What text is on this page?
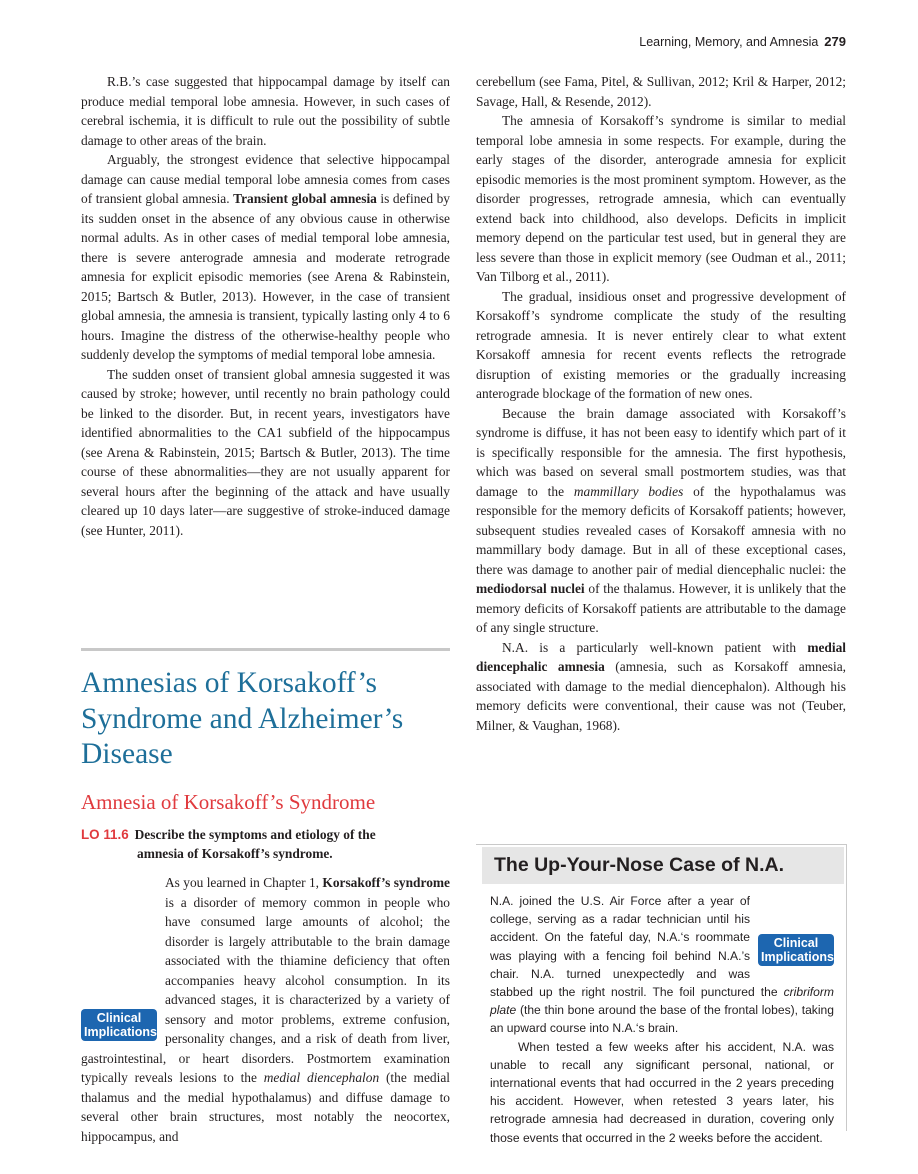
Learning, Memory, and Amnesia 279

R.B.’s case suggested that hippocampal damage by itself can produce medial temporal lobe amnesia. However, in such cases of cerebral ischemia, it is difficult to rule out the possibility of subtle damage to other areas of the brain.

Arguably, the strongest evidence that selective hippocampal damage can cause medial temporal lobe amnesia comes from cases of transient global amnesia. Transient global amnesia is defined by its sudden onset in the absence of any obvious cause in otherwise normal adults. As in other cases of medial temporal lobe amnesia, there is severe anterograde amnesia and moderate retrograde amnesia for explicit episodic memories (see Arena & Rabinstein, 2015; Bartsch & Butler, 2013). However, in the case of transient global amnesia, the amnesia is transient, typically lasting only 4 to 6 hours. Imagine the distress of the otherwise-healthy people who suddenly develop the symptoms of medial temporal lobe amnesia.

The sudden onset of transient global amnesia suggested it was caused by stroke; however, until recently no brain pathology could be linked to the disorder. But, in recent years, investigators have identified abnormalities to the CA1 subfield of the hippocampus (see Arena & Rabinstein, 2015; Bartsch & Butler, 2013). The time course of these abnormalities—they are not usually apparent for several hours after the beginning of the attack and have usually cleared up 10 days later—are suggestive of stroke-induced damage (see Hunter, 2011).

Amnesias of Korsakoff’s Syndrome and Alzheimer’s Disease
Amnesia of Korsakoff’s Syndrome
LO 11.6 Describe the symptoms and etiology of the
amnesia of Korsakoff’s syndrome.

As you learned in Chapter 1, Korsakoff’s syndrome
Clinical
Implications
is a disorder of memory common in people who have consumed large amounts of alcohol; the disorder is largely attributable to the brain damage associated with the thiamine deficiency that often accompanies heavy alcohol consumption. In its advanced stages, it is characterized by a variety of sensory and motor problems, extreme confusion, personality changes, and a risk of death from liver, gastrointestinal, or heart disorders. Postmortem examination typically reveals lesions to the medial diencephalon (the medial thalamus and the medial hypothalamus) and diffuse damage to several other brain structures, most notably the neocortex, hippocampus, and

cerebellum (see Fama, Pitel, & Sullivan, 2012; Kril & Harper, 2012; Savage, Hall, & Resende, 2012).

The amnesia of Korsakoff’s syndrome is similar to medial temporal lobe amnesia in some respects. For example, during the early stages of the disorder, anterograde amnesia for explicit episodic memories is the most prominent symptom. However, as the disorder progresses, retrograde amnesia, which can eventually extend back into childhood, also develops. Deficits in implicit memory depend on the particular test used, but in general they are less severe than those in explicit memory (see Oudman et al., 2011; Van Tilborg et al., 2011).

The gradual, insidious onset and progressive development of Korsakoff’s syndrome complicate the study of the resulting retrograde amnesia. It is never entirely clear to what extent Korsakoff amnesia for recent events reflects the retrograde disruption of existing memories or the gradually increasing anterograde blockage of the formation of new ones.

Because the brain damage associated with Korsakoff’s syndrome is diffuse, it has not been easy to identify which part of it is specifically responsible for the amnesia. The first hypothesis, which was based on several small postmortem studies, was that damage to the mammillary bodies of the hypothalamus was responsible for the memory deficits of Korsakoff patients; however, subsequent studies revealed cases of Korsakoff amnesia with no mammillary body damage. But in all of these exceptional cases, there was damage to another pair of medial diencephalic nuclei: the mediodorsal nuclei of the thalamus. However, it is unlikely that the memory deficits of Korsakoff patients are attributable to the damage of any single structure.

N.A. is a particularly well-known patient with medial diencephalic amnesia (amnesia, such as Korsakoff amnesia, associated with damage to the medial diencephalon). Although his memory deficits were conventional, their cause was not (Teuber, Milner, & Vaughan, 1968).

The Up-Your-Nose Case of N.A.

Clinical
Implications
N.A. joined the U.S. Air Force after a year of college, serving as a radar technician until his accident. On the fateful day, N.A.‘s roommate was playing with a fencing foil behind N.A.’s chair. N.A. turned unexpectedly and was stabbed up the right nostril. The foil punctured the cribriform plate (the thin bone around the base of the frontal lobes), taking an upward course into N.A.‘s brain.

When tested a few weeks after his accident, N.A. was unable to recall any significant personal, national, or international events that had occurred in the 2 years preceding his accident. However, when retested 3 years later, his retrograde amnesia had decreased in duration, covering only those events that occurred in the 2 weeks before the accident.
